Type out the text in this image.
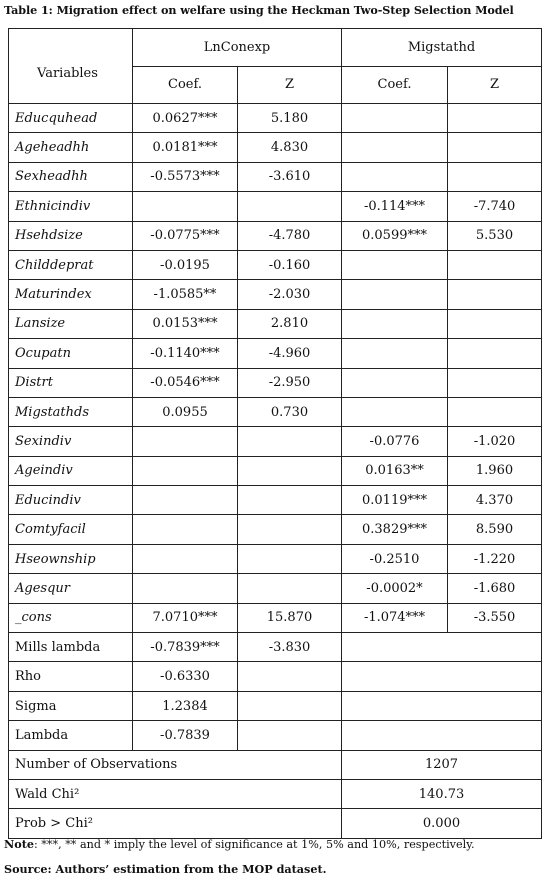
Table 1: Migration effect on welfare using the Heckman Two-Step Selection Model
Variables	LnConexp		Migstathd	
	Coef.	Z	Coef.	Z
Educquhead	0.0627***	5.180		
Ageheadhh	0.0181***	4.830		
Sexheadhh	-0.5573***	-3.610		
Ethnicindiv			-0.114***	-7.740
Hsehdsize	-0.0775***	-4.780	0.0599***	5.530
Childdeprat	-0.0195	-0.160		
Maturindex	-1.0585**	-2.030		
Lansize	0.0153***	2.810		
Ocupatn	-0.1140***	-4.960		
Distrt	-0.0546***	-2.950		
Migstathds	0.0955	0.730		
Sexindiv			-0.0776	-1.020
Ageindiv			0.0163**	1.960
Educindiv			0.0119***	4.370
Comtyfacil			0.3829***	8.590
Hseownship			-0.2510	-1.220
Agesqur			-0.0002*	-1.680
_cons	7.0710***	15.870	-1.074***	-3.550
Mills lambda	-0.7839***	-3.830		
Rho	-0.6330			
Sigma	1.2384			
Lambda	-0.7839			
Number of Observations			1207	
Wald Chi²			140.73	
Prob > Chi²			0.000	
Note: ***, ** and * imply the level of significance at 1%, 5% and 10%, respectively.
Source: Authors’ estimation from the MOP dataset.
